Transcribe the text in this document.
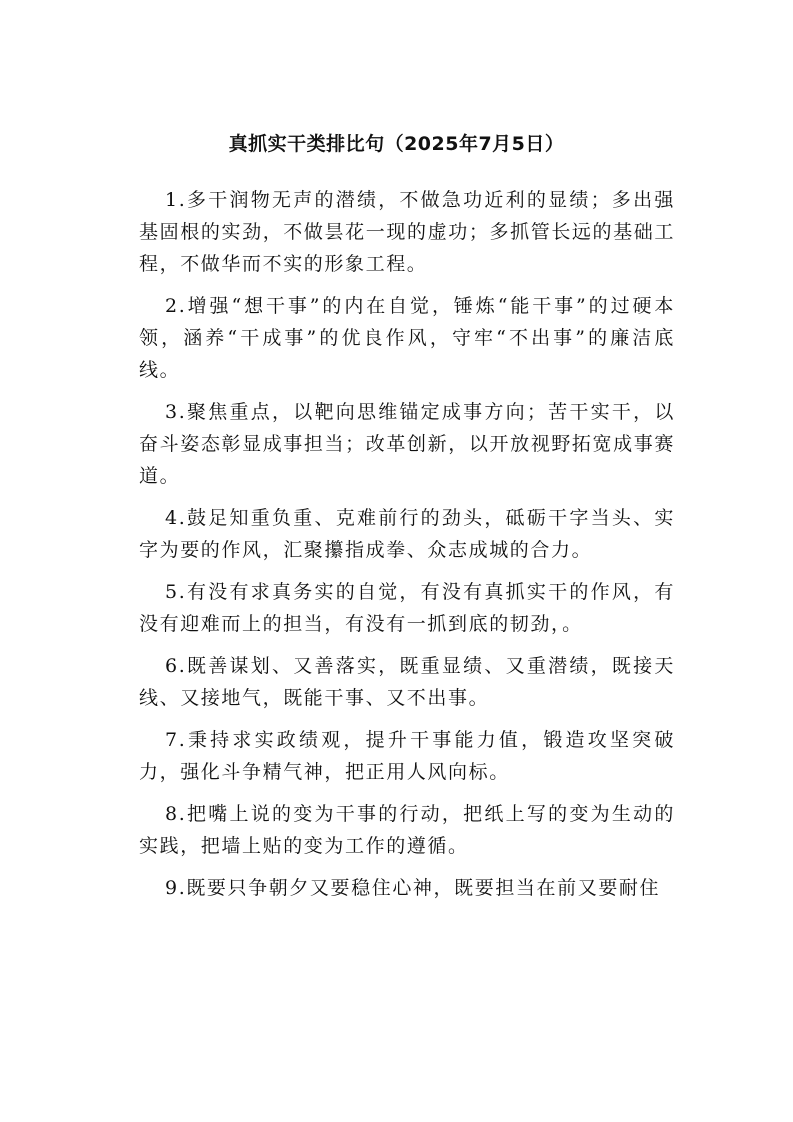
真抓实干类排比句（2025年7月5日）

1.多干润物无声的潜绩，不做急功近利的显绩；多出强基固根的实劲，不做昙花一现的虚功；多抓管长远的基础工程，不做华而不实的形象工程。

2.增强“想干事”的内在自觉，锤炼“能干事”的过硬本领，涵养“干成事”的优良作风，守牢“不出事”的廉洁底线。

3.聚焦重点，以靶向思维锚定成事方向；苦干实干，以奋斗姿态彰显成事担当；改革创新，以开放视野拓宽成事赛道。

4.鼓足知重负重、克难前行的劲头，砥砺干字当头、实字为要的作风，汇聚攥指成拳、众志成城的合力。

5.有没有求真务实的自觉，有没有真抓实干的作风，有没有迎难而上的担当，有没有一抓到底的韧劲，。

6.既善谋划、又善落实，既重显绩、又重潜绩，既接天线、又接地气，既能干事、又不出事。

7.秉持求实政绩观，提升干事能力值，锻造攻坚突破力，强化斗争精气神，把正用人风向标。

8.把嘴上说的变为干事的行动，把纸上写的变为生动的实践，把墙上贴的变为工作的遵循。

9.既要只争朝夕又要稳住心神，既要担当在前又要耐住
